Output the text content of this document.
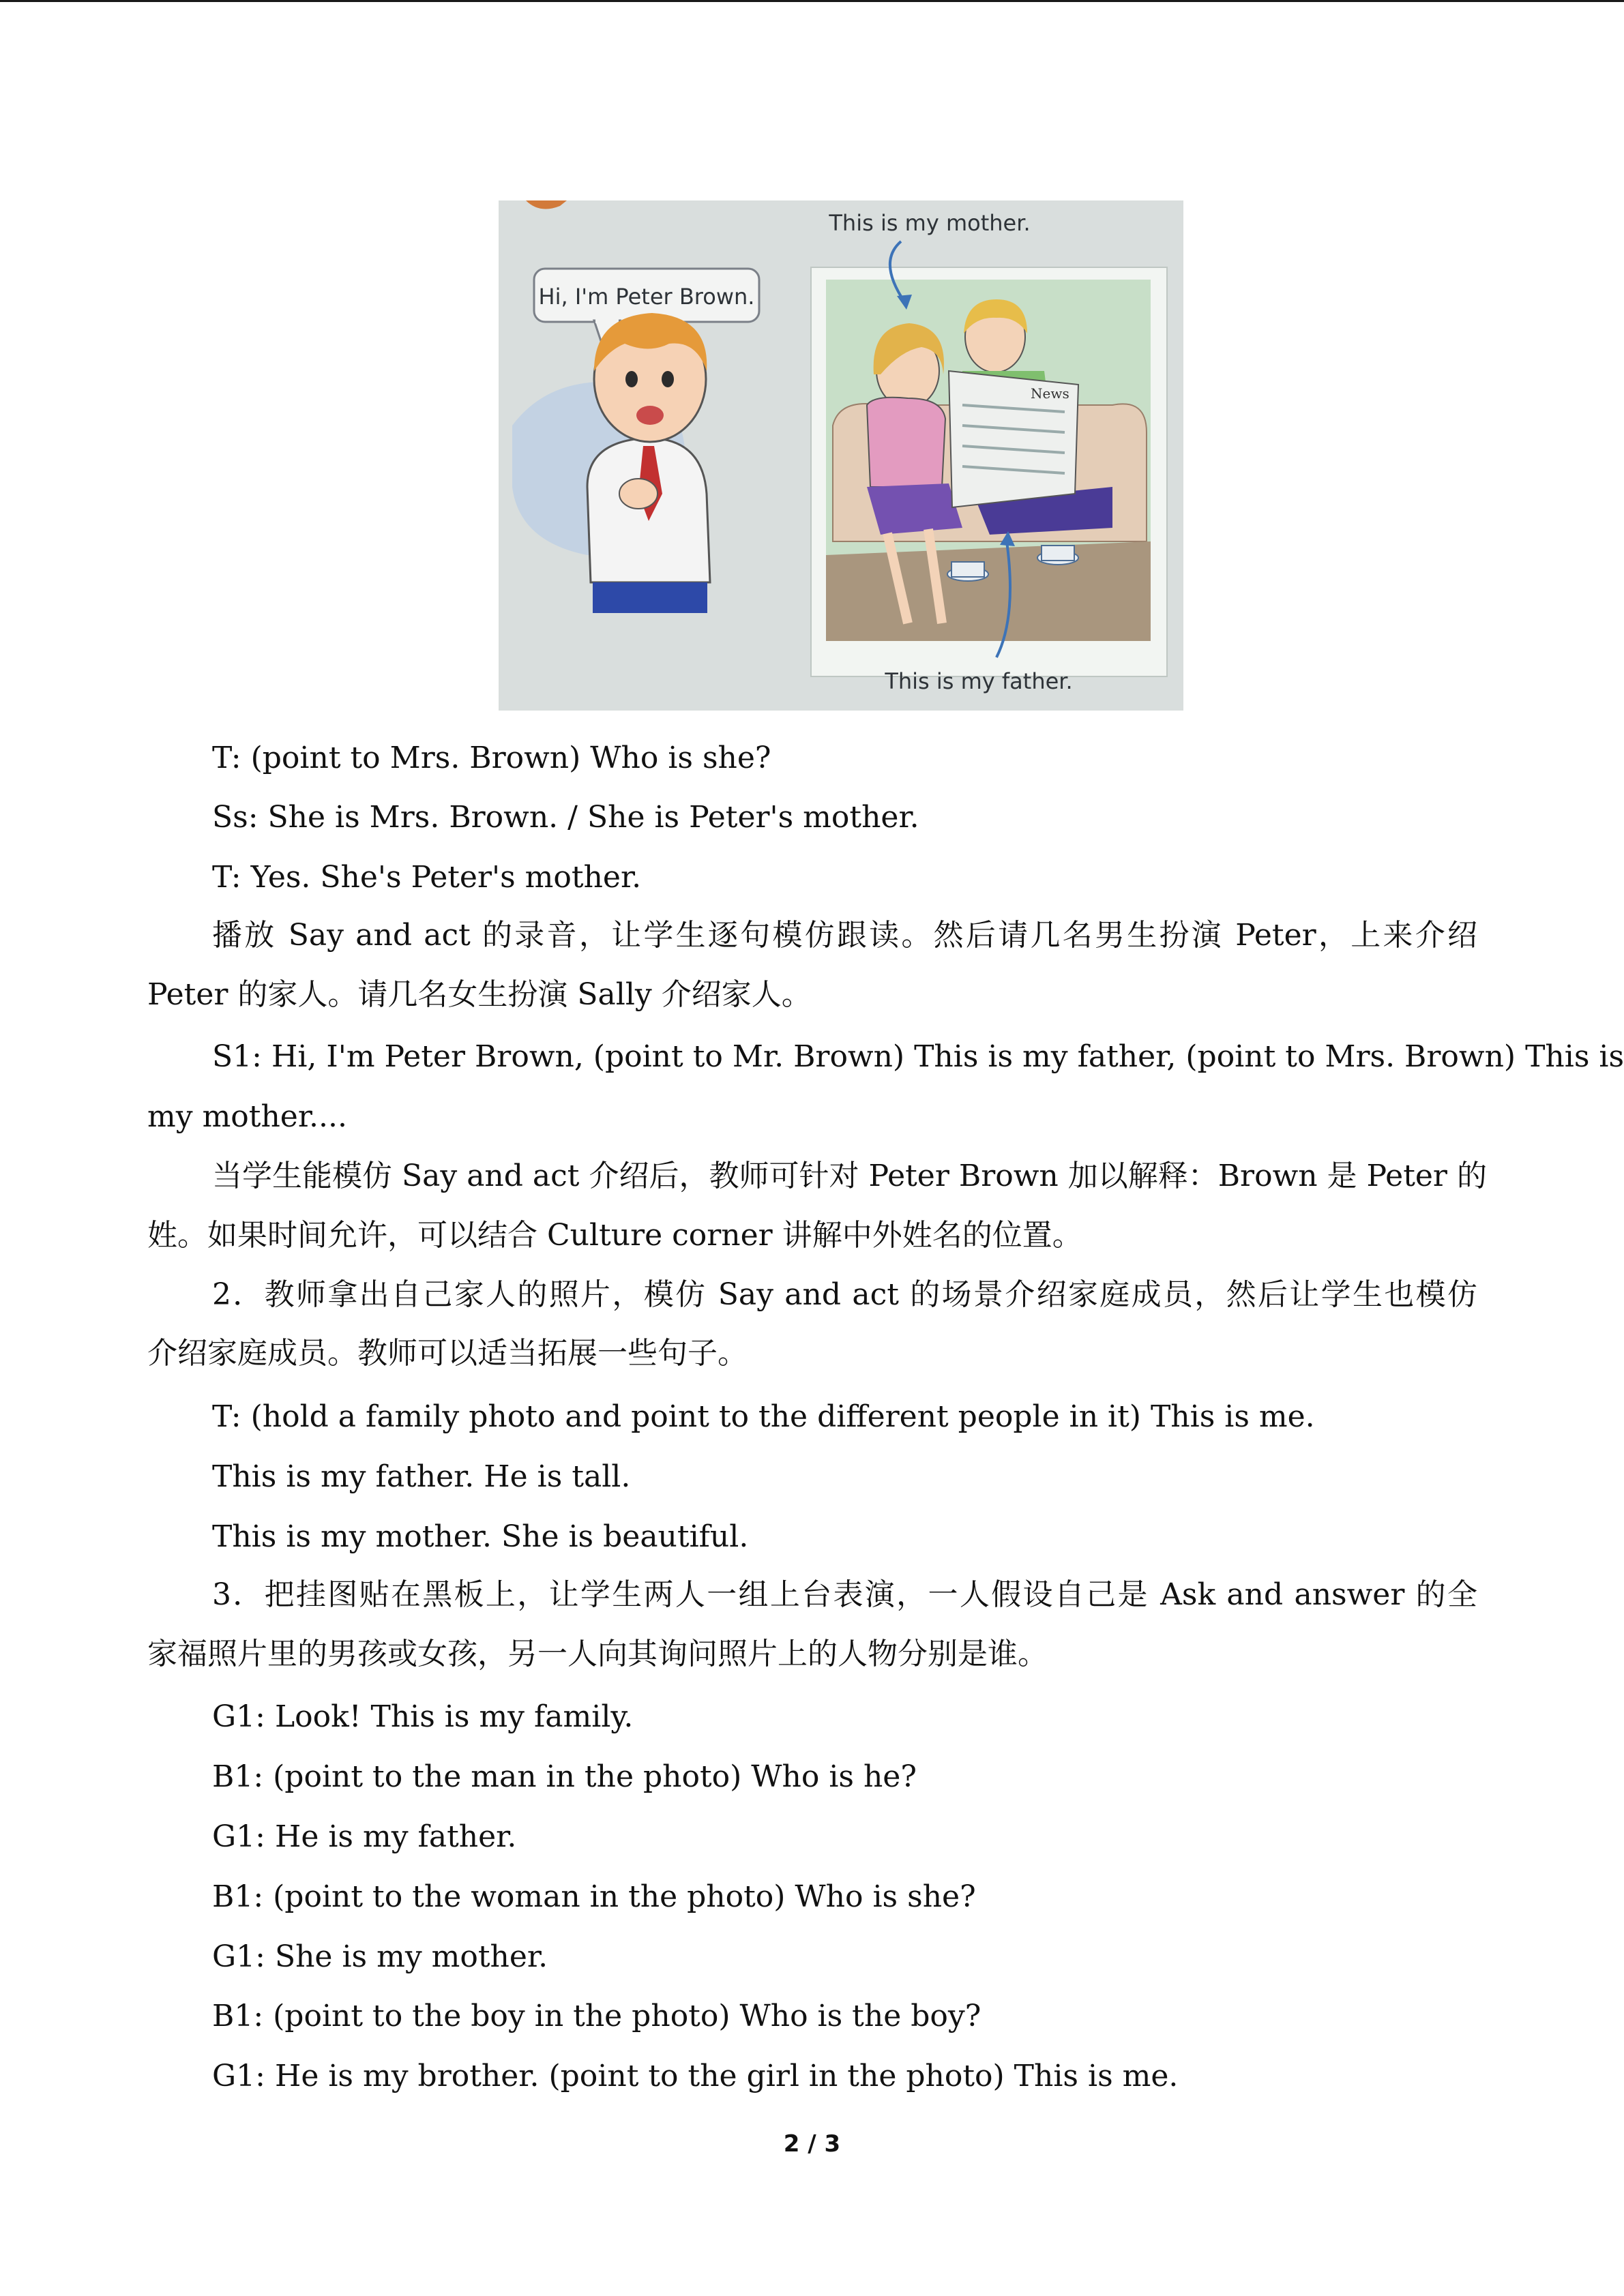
Hi, I'm Peter Brown.
News
This is my mother.
This is my father.
T: (point to Mrs. Brown) Who is she?
Ss: She is Mrs. Brown. / She is Peter's mother.
T: Yes. She's Peter's mother.
播放 Say and act 的录音，让学生逐句模仿跟读。然后请几名男生扮演 Peter，上来介绍
Peter 的家人。请几名女生扮演 Sally 介绍家人。
S1: Hi, I'm Peter Brown, (point to Mr. Brown) This is my father, (point to Mrs. Brown) This is
my mother....
当学生能模仿 Say and act 介绍后，教师可针对 Peter Brown 加以解释：Brown 是 Peter 的
姓。如果时间允许，可以结合 Culture corner 讲解中外姓名的位置。
2．教师拿出自己家人的照片，模仿 Say and act 的场景介绍家庭成员，然后让学生也模仿
介绍家庭成员。教师可以适当拓展一些句子。
T: (hold a family photo and point to the different people in it) This is me.
This is my father. He is tall.
This is my mother. She is beautiful.
3．把挂图贴在黑板上，让学生两人一组上台表演，一人假设自己是 Ask and answer 的全
家福照片里的男孩或女孩，另一人向其询问照片上的人物分别是谁。
G1: Look! This is my family.
B1: (point to the man in the photo) Who is he?
G1: He is my father.
B1: (point to the woman in the photo) Who is she?
G1: She is my mother.
B1: (point to the boy in the photo) Who is the boy?
G1: He is my brother. (point to the girl in the photo) This is me.
2 / 3
